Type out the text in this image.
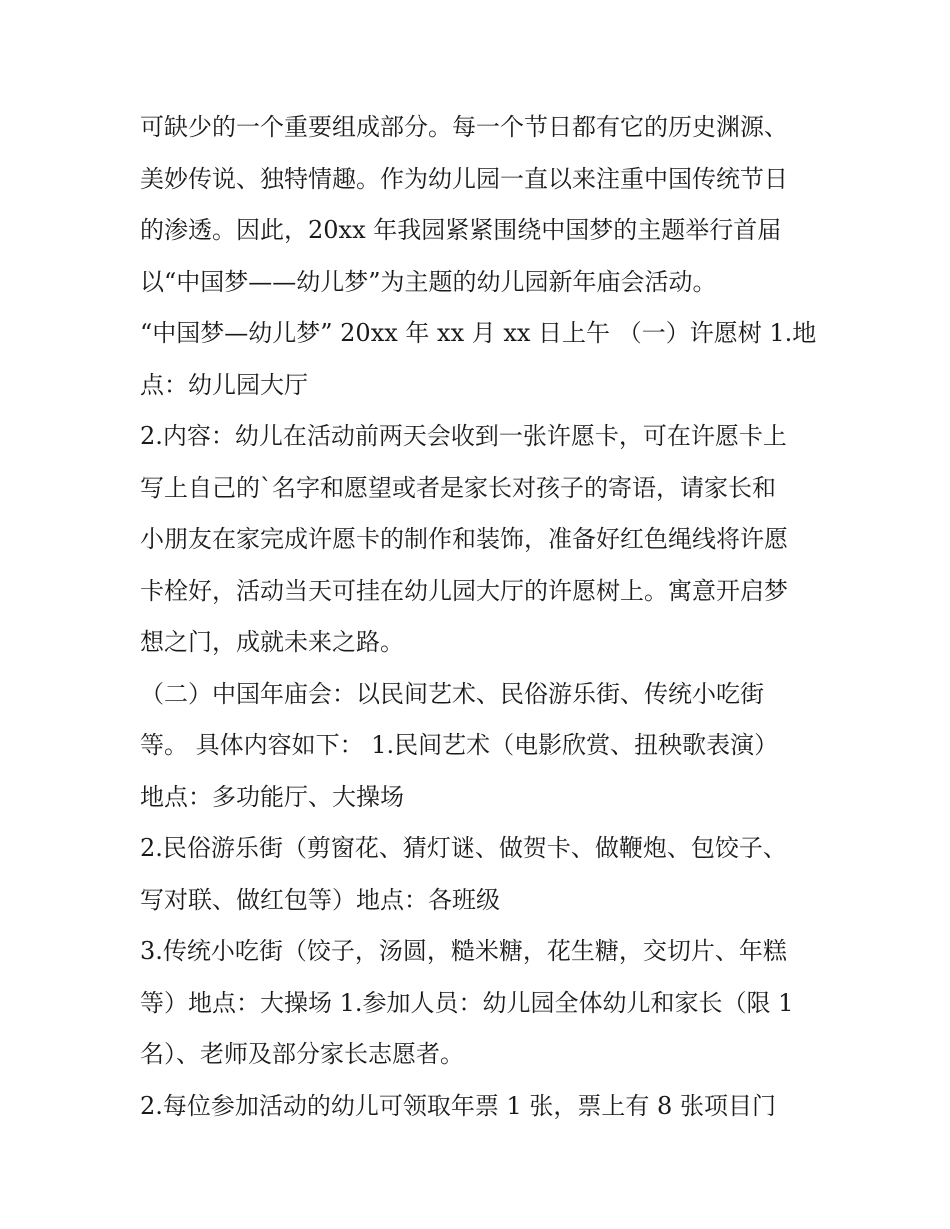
可缺少的一个重要组成部分。每一个节日都有它的历史渊源、
美妙传说、独特情趣。作为幼儿园一直以来注重中国传统节日
的渗透。因此，20xx 年我园紧紧围绕中国梦的主题举行首届
以“中国梦——幼儿梦”为主题的幼儿园新年庙会活动。
“中国梦—幼儿梦” 20xx 年 xx 月 xx 日上午 （一）许愿树 1.地
点：幼儿园大厅
2.内容：幼儿在活动前两天会收到一张许愿卡，可在许愿卡上
写上自己的`名字和愿望或者是家长对孩子的寄语，请家长和
小朋友在家完成许愿卡的制作和装饰，准备好红色绳线将许愿
卡栓好，活动当天可挂在幼儿园大厅的许愿树上。寓意开启梦
想之门，成就未来之路。
（二）中国年庙会：以民间艺术、民俗游乐街、传统小吃街
等。 具体内容如下： 1.民间艺术（电影欣赏、扭秧歌表演）
地点：多功能厅、大操场
2.民俗游乐街（剪窗花、猜灯谜、做贺卡、做鞭炮、包饺子、
写对联、做红包等）地点：各班级
3.传统小吃街（饺子，汤圆，糙米糖，花生糖，交切片、年糕
等）地点：大操场 1.参加人员：幼儿园全体幼儿和家长（限 1
名）、老师及部分家长志愿者。
2.每位参加活动的幼儿可领取年票 1 张，票上有 8 张项目门
